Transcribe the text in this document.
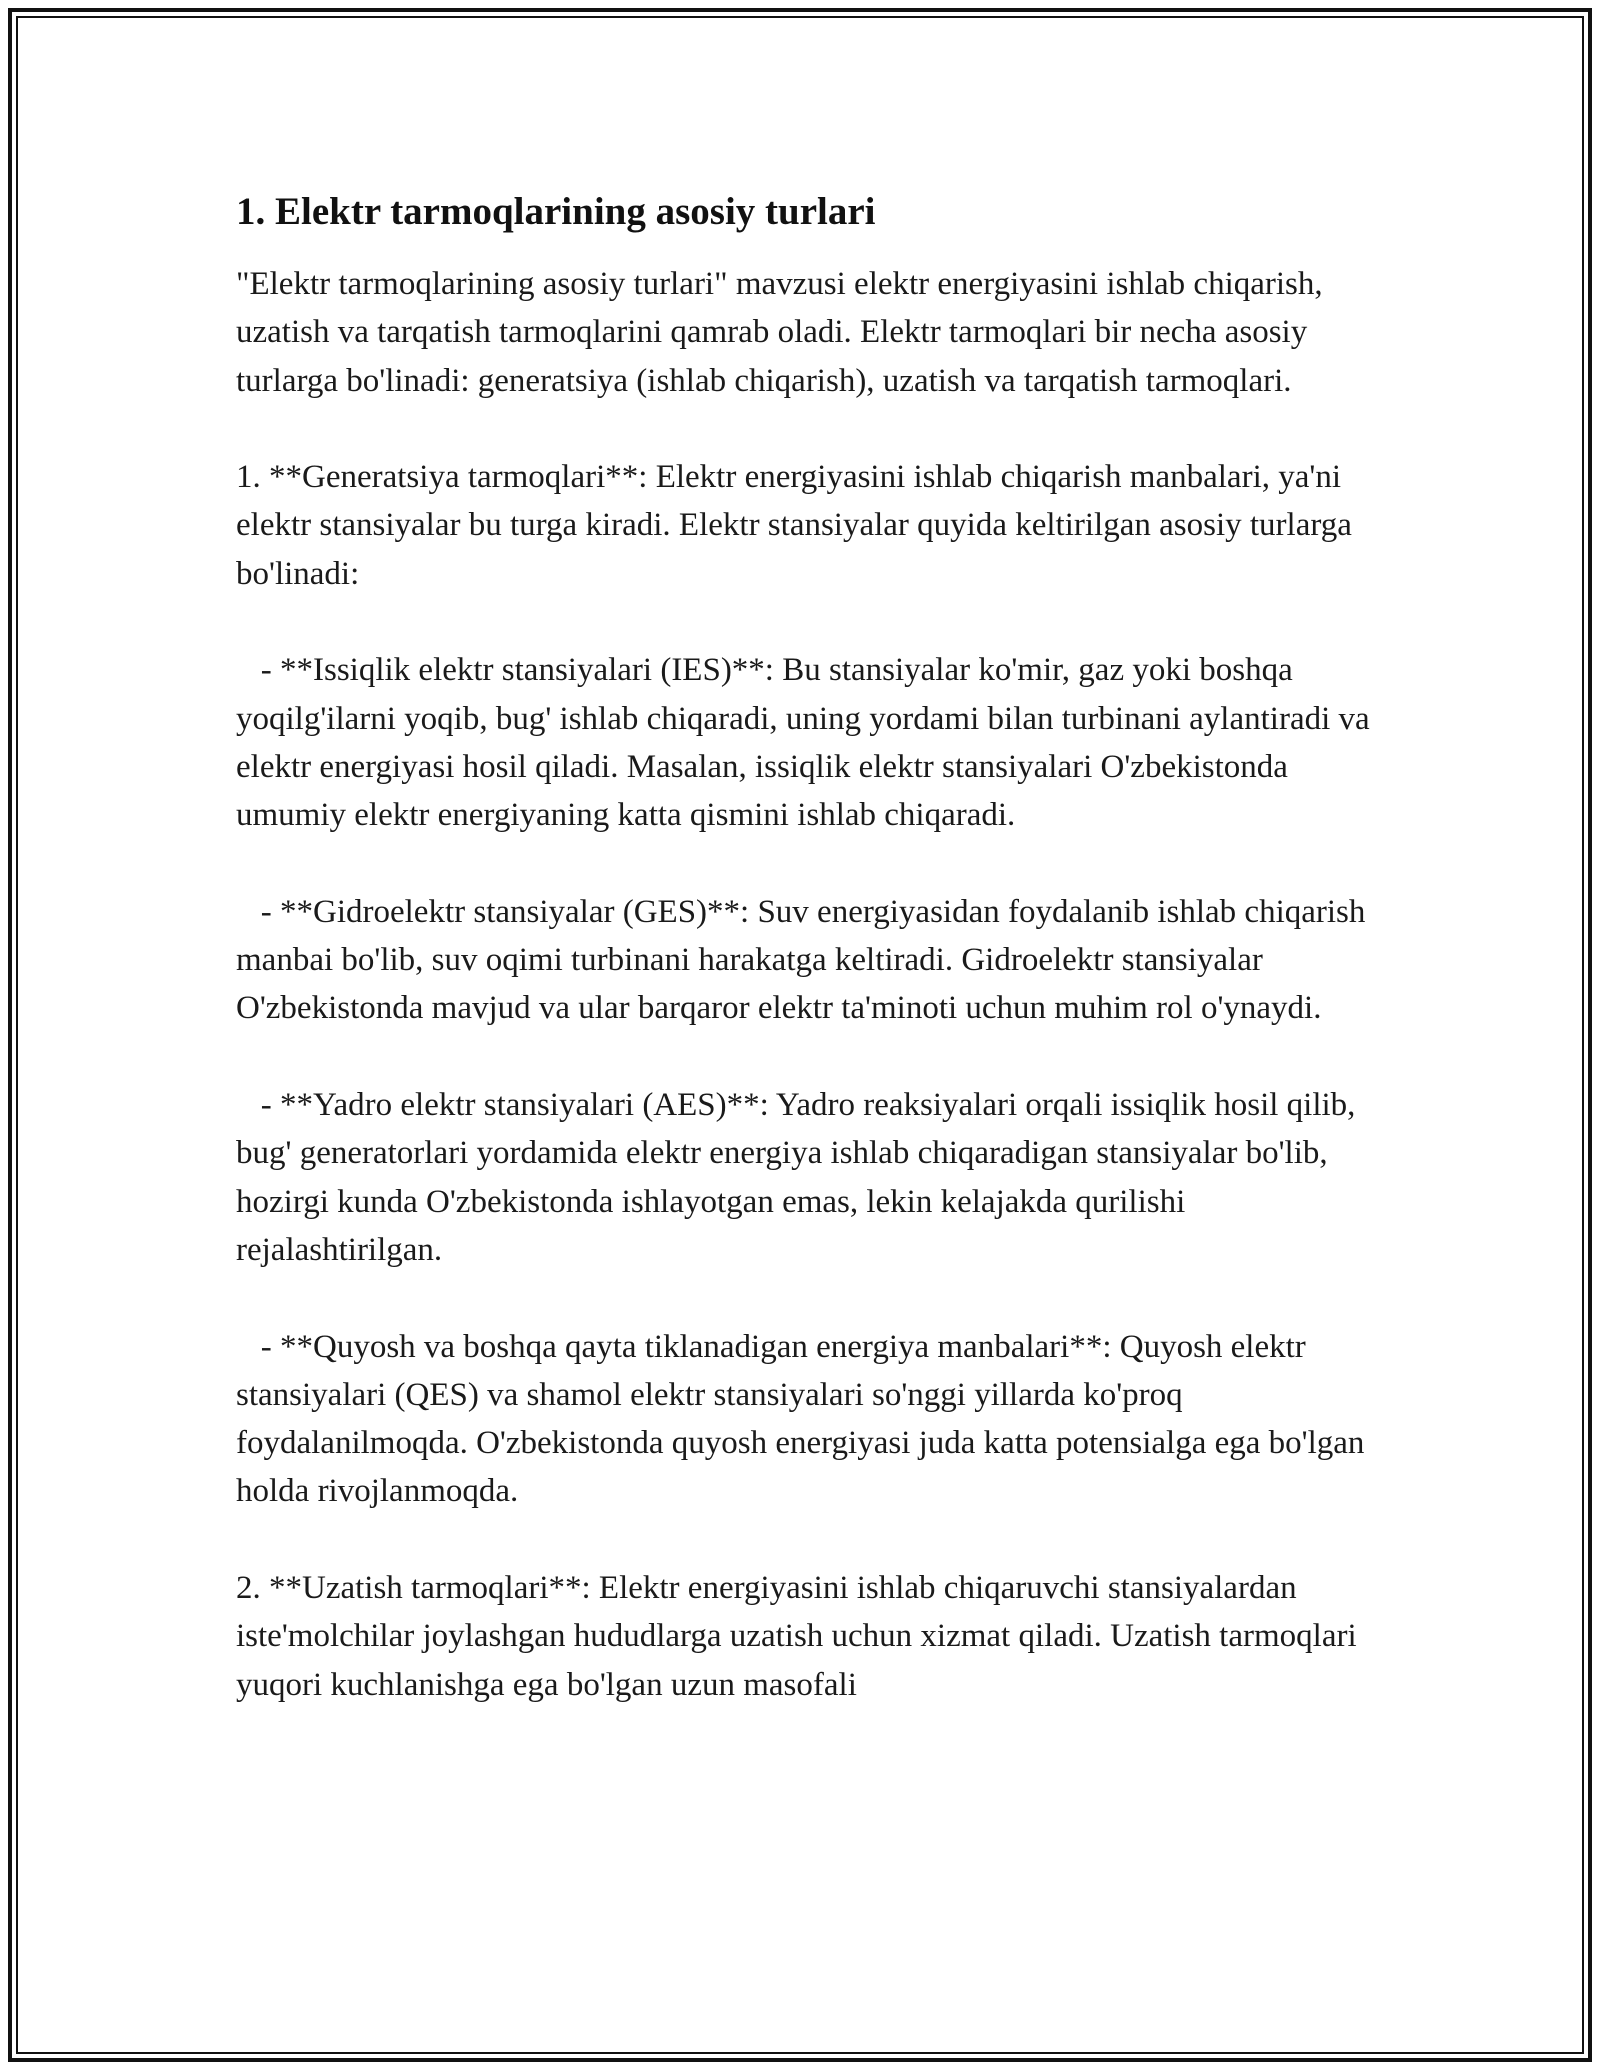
1. Elektr tarmoqlarining asosiy turlari

"Elektr tarmoqlarining asosiy turlari" mavzusi elektr energiyasini ishlab chiqarish, uzatish va tarqatish tarmoqlarini qamrab oladi. Elektr tarmoqlari bir necha asosiy turlarga bo'linadi: generatsiya (ishlab chiqarish), uzatish va tarqatish tarmoqlari.

1. **Generatsiya tarmoqlari**: Elektr energiyasini ishlab chiqarish manbalari, ya'ni elektr stansiyalar bu turga kiradi. Elektr stansiyalar quyida keltirilgan asosiy turlarga bo'linadi:

- **Issiqlik elektr stansiyalari (IES)**: Bu stansiyalar ko'mir, gaz yoki boshqa yoqilg'ilarni yoqib, bug' ishlab chiqaradi, uning yordami bilan turbinani aylantiradi va elektr energiyasi hosil qiladi. Masalan, issiqlik elektr stansiyalari O'zbekistonda umumiy elektr energiyaning katta qismini ishlab chiqaradi.

- **Gidroelektr stansiyalar (GES)**: Suv energiyasidan foydalanib ishlab chiqarish manbai bo'lib, suv oqimi turbinani harakatga keltiradi. Gidroelektr stansiyalar O'zbekistonda mavjud va ular barqaror elektr ta'minoti uchun muhim rol o'ynaydi.

- **Yadro elektr stansiyalari (AES)**: Yadro reaksiyalari orqali issiqlik hosil qilib, bug' generatorlari yordamida elektr energiya ishlab chiqaradigan stansiyalar bo'lib, hozirgi kunda O'zbekistonda ishlayotgan emas, lekin kelajakda qurilishi rejalashtirilgan.

- **Quyosh va boshqa qayta tiklanadigan energiya manbalari**: Quyosh elektr stansiyalari (QES) va shamol elektr stansiyalari so'nggi yillarda ko'proq foydalanilmoqda. O'zbekistonda quyosh energiyasi juda katta potensialga ega bo'lgan holda rivojlanmoqda.

2. **Uzatish tarmoqlari**: Elektr energiyasini ishlab chiqaruvchi stansiyalardan iste'molchilar joylashgan hududlarga uzatish uchun xizmat qiladi. Uzatish tarmoqlari yuqori kuchlanishga ega bo'lgan uzun masofali
